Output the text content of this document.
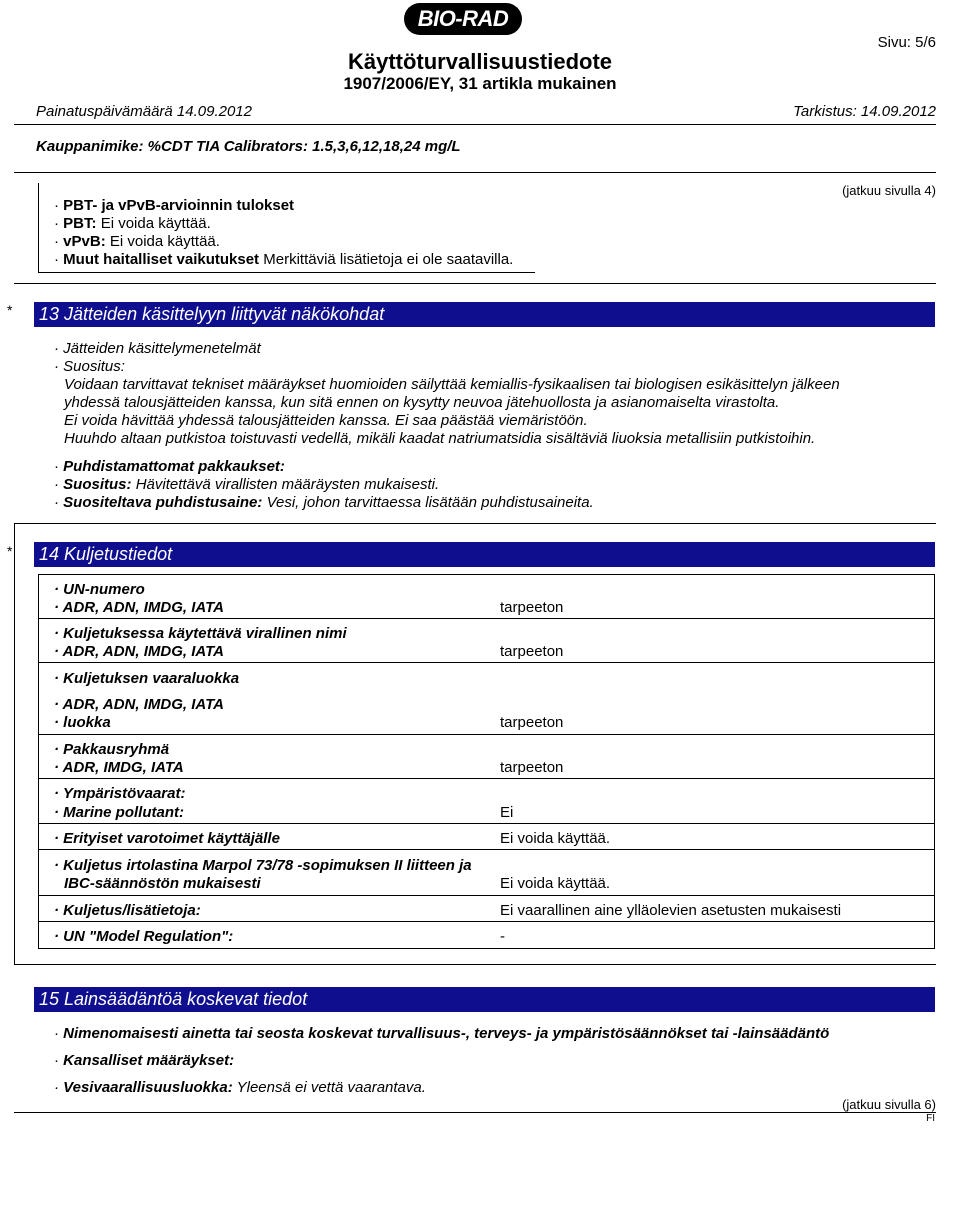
BIO-RAD
Sivu: 5/6
Käyttöturvallisuustiedote
1907/2006/EY, 31 artikla mukainen
Painatuspäivämäärä 14.09.2012	Tarkistus: 14.09.2012
Kauppanimike: %CDT TIA Calibrators: 1.5,3,6,12,18,24 mg/L
(jatkuu sivulla 4)
· PBT- ja vPvB-arvioinnin tulokset
· PBT: Ei voida käyttää.
· vPvB: Ei voida käyttää.
· Muut haitalliset vaikutukset Merkittäviä lisätietoja ei ole saatavilla.
* 13 Jätteiden käsittelyyn liittyvät näkökohdat
· Jätteiden käsittelymenetelmät
· Suositus:
Voidaan tarvittavat tekniset määräykset huomioiden säilyttää kemiallis-fysikaalisen tai biologisen esikäsittelyn jälkeen
yhdessä talousjätteiden kanssa, kun sitä ennen on kysytty neuvoa jätehuollosta ja asianomaiselta virastolta.
Ei voida hävittää yhdessä talousjätteiden kanssa. Ei saa päästää viemäristöön.
Huuhdo altaan putkistoa toistuvasti vedellä, mikäli kaadat natriumatsidia sisältäviä liuoksia metallisiin putkistoihin.
· Puhdistamattomat pakkaukset:
· Suositus: Hävitettävä virallisten määräysten mukaisesti.
· Suositeltava puhdistusaine: Vesi, johon tarvittaessa lisätään puhdistusaineita.
* 14 Kuljetustiedot
· UN-numero
· ADR, ADN, IMDG, IATA	tarpeeton
· Kuljetuksessa käytettävä virallinen nimi
· ADR, ADN, IMDG, IATA	tarpeeton
· Kuljetuksen vaaraluokka
· ADR, ADN, IMDG, IATA
· luokka	tarpeeton
· Pakkausryhmä
· ADR, IMDG, IATA	tarpeeton
· Ympäristövaarat:
· Marine pollutant:	Ei
· Erityiset varotoimet käyttäjälle	Ei voida käyttää.
· Kuljetus irtolastina Marpol 73/78 -sopimuksen II liitteen ja
IBC-säännöstön mukaisesti	Ei voida käyttää.
· Kuljetus/lisätietoja:	Ei vaarallinen aine ylläolevien asetusten mukaisesti
· UN "Model Regulation":	-
15 Lainsäädäntöä koskevat tiedot
· Nimenomaisesti ainetta tai seosta koskevat turvallisuus-, terveys- ja ympäristösäännökset tai -lainsäädäntö
· Kansalliset määräykset:
· Vesivaarallisuusluokka: Yleensä ei vettä vaarantava.
(jatkuu sivulla 6)
FI
